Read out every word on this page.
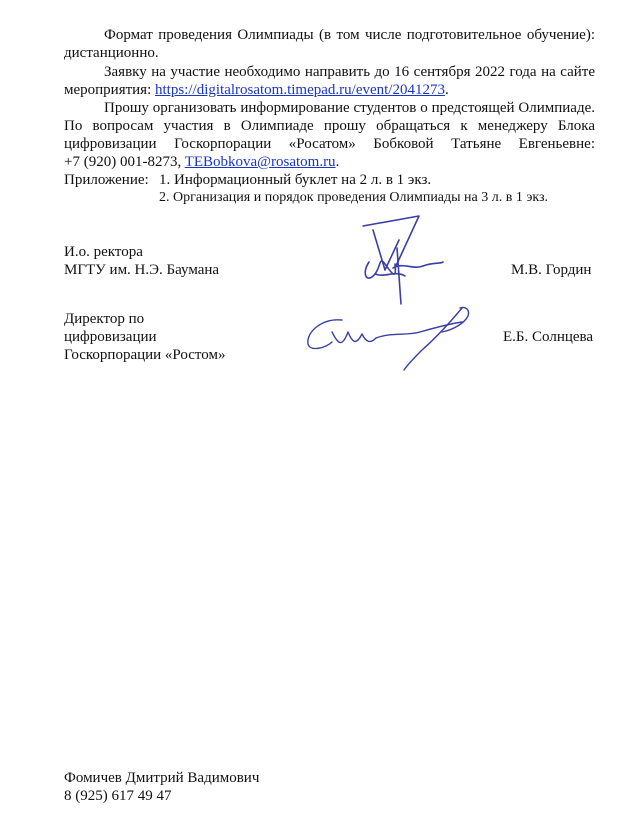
Формат проведения Олимпиады (в том числе подготовительное обучение):
дистанционно.
Заявку на участие необходимо направить до 16 сентября 2022 года на сайте
мероприятия: https://digitalrosatom.timepad.ru/event/2041273.
Прошу организовать информирование студентов о предстоящей Олимпиаде.
По вопросам участия в Олимпиаде прошу обращаться к менеджеру Блока
цифровизации Госкорпорации «Росатом» Бобковой Татьяне Евгеньевне:
+7 (920) 001-8273, TEBobkova@rosatom.ru.
Приложение: 1. Информационный буклет на 2 л. в 1 экз.
2. Организация и порядок проведения Олимпиады на 3 л. в 1 экз.
И.о. ректора
МГТУ им. Н.Э. Баумана	М.В. Гордин
Директор по
цифровизации
Госкорпорации «Ростом»
Е.Б. Солнцева
Фомичев Дмитрий Вадимович
8 (925) 617 49 47
